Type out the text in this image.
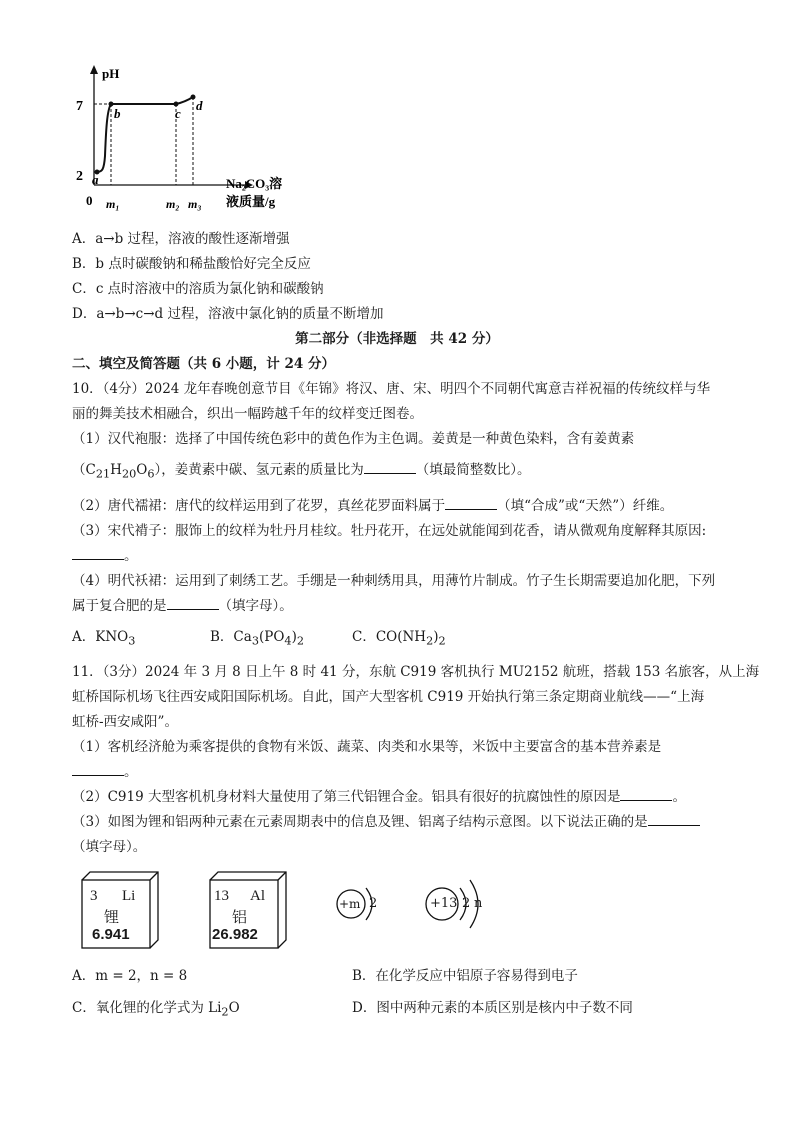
pH
7
2
0 m₁	m₂ m₃
Na₂CO₃溶
液质量/g
a
b	c
d
A．a→b 过程，溶液的酸性逐渐增强
B．b 点时碳酸钠和稀盐酸恰好完全反应
C．c 点时溶液中的溶质为氯化钠和碳酸钠
D．a→b→c→d 过程，溶液中氯化钠的质量不断增加
第二部分（非选择题　共 42 分）
二、填空及简答题（共 6 小题，计 24 分）
10．（4分）2024 龙年春晚创意节目《年锦》将汉、唐、宋、明四个不同朝代寓意吉祥祝福的传统纹样与华
丽的舞美技术相融合，织出一幅跨越千年的纹样变迁图卷。
（1）汉代袍服：选择了中国传统色彩中的黄色作为主色调。姜黄是一种黄色染料，含有姜黄素
$(C_{21}H_{20}O_6)$，姜黄素中碳、氢元素的质量比为	（填最简整数比）。
（2）唐代襦裙：唐代的纹样运用到了花罗，真丝花罗面料属于	（填“合成”或“天然”）纤维。
（3）宋代褙子：服饰上的纹样为牡丹月桂纹。牡丹花开，在远处就能闻到花香，请从微观角度解释其原因:
。
（4）明代袄裙：运用到了刺绣工艺。手绷是一种刺绣用具，用薄竹片制成。竹子生长期需要追加化肥，下列
属于复合肥的是	（填字母）。
A．$KNO_3$	B．$Ca_3(PO_4)_2$	C．$CO(NH_2)_2$
11．（3分）2024 年 3 月 8 日上午 8 时 41 分，东航 C919 客机执行 MU2152 航班，搭载 153 名旅客，从上海
虹桥国际机场飞往西安咸阳国际机场。自此，国产大型客机 C919 开始执行第三条定期商业航线——“上海
虹桥-西安咸阳”。
（1）客机经济舱为乘客提供的食物有米饭、蔬菜、肉类和水果等，米饭中主要富含的基本营养素是
。
（2）C919 大型客机机身材料大量使用了第三代铝锂合金。铝具有很好的抗腐蚀性的原因是	。
（3）如图为锂和铝两种元素在元素周期表中的信息及锂、铝离子结构示意图。以下说法正确的是
（填字母）。
3 Li
锂
6.941
13 Al
铝
26.982
+m 2	+13 2 n
A．m = 2，n = 8	B．在化学反应中铝原子容易得到电子
C．氧化锂的化学式为 $Li_2O$	D．图中两种元素的本质区别是核内中子数不同
